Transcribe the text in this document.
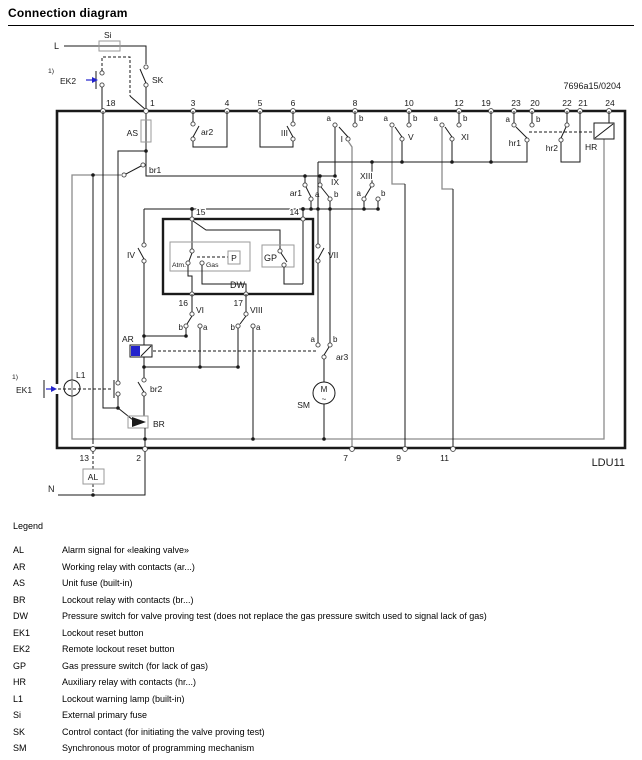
Connection diagram
7696a15/0204
L
Si
SK
1)
EK2
LDU11
AS
br1
18	1	3	4	5	6	8	10	12 19 23 20	22 21 24
ar2	III
a	b
I
a	b
V
a	b
XI
a	b
hr1	hr2	HR
ar1 a
IX
b
XIII
a	b
15	14
IV	P
Atm.	Gas
DW
GP
16	17
VII
VI
b	a
VIII
b	a
AR	a b
ar3
M
~
SM
1)
EK1
L1
br2
BR
AL
N
13	2	7	9	11
Legend
AL	Alarm signal for «leaking valve»
AR	Working relay with contacts (ar...)
AS	Unit fuse (built-in)
BR	Lockout relay with contacts (br...)
DW	Pressure switch for valve proving test (does not replace the gas pressure switch used to signal lack of gas)
EK1	Lockout reset button
EK2	Remote lockout reset button
GP	Gas pressure switch (for lack of gas)
HR	Auxiliary relay with contacts (hr...)
L1	Lockout warning lamp (built-in)
Si	External primary fuse
SK	Control contact (for initiating the valve proving test)
SM	Synchronous motor of programming mechanism
